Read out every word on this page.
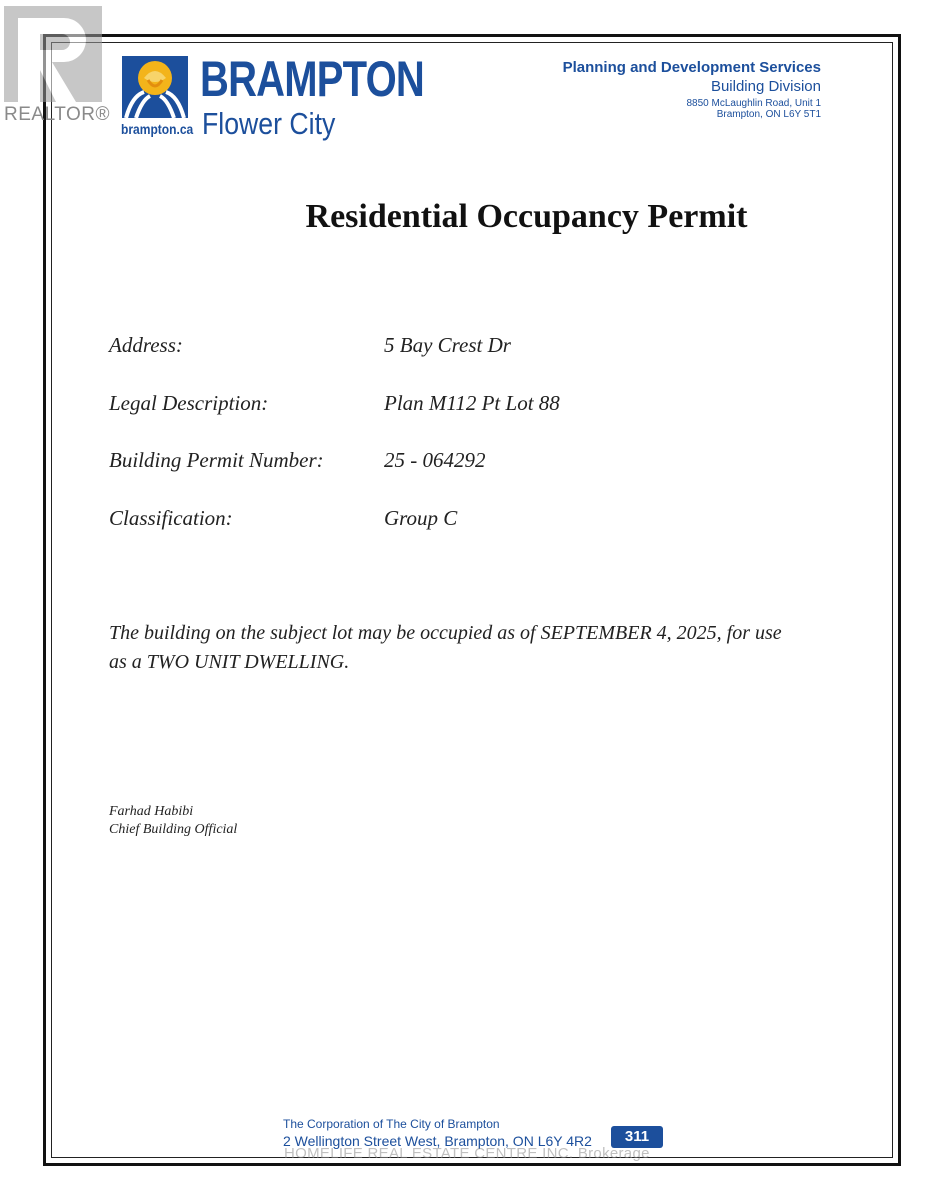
REALTOR®
BRAMPTON
Flower City
brampton.ca
Planning and Development Services
Building Division
8850 McLaughlin Road, Unit 1
Brampton, ON L6Y 5T1
Residential Occupancy Permit
Address:	5 Bay Crest Dr
Legal Description:	Plan M112 Pt Lot 88
Building Permit Number:	25 - 064292
Classification:	Group C
The building on the subject lot may be occupied as of SEPTEMBER 4, 2025, for use
as a TWO UNIT DWELLING.
Farhad Habibi
Chief Building Official
The Corporation of The City of Brampton
2 Wellington Street West, Brampton, ON L6Y 4R2	311
HOMELIFE REAL ESTATE CENTRE INC. Brokerage
